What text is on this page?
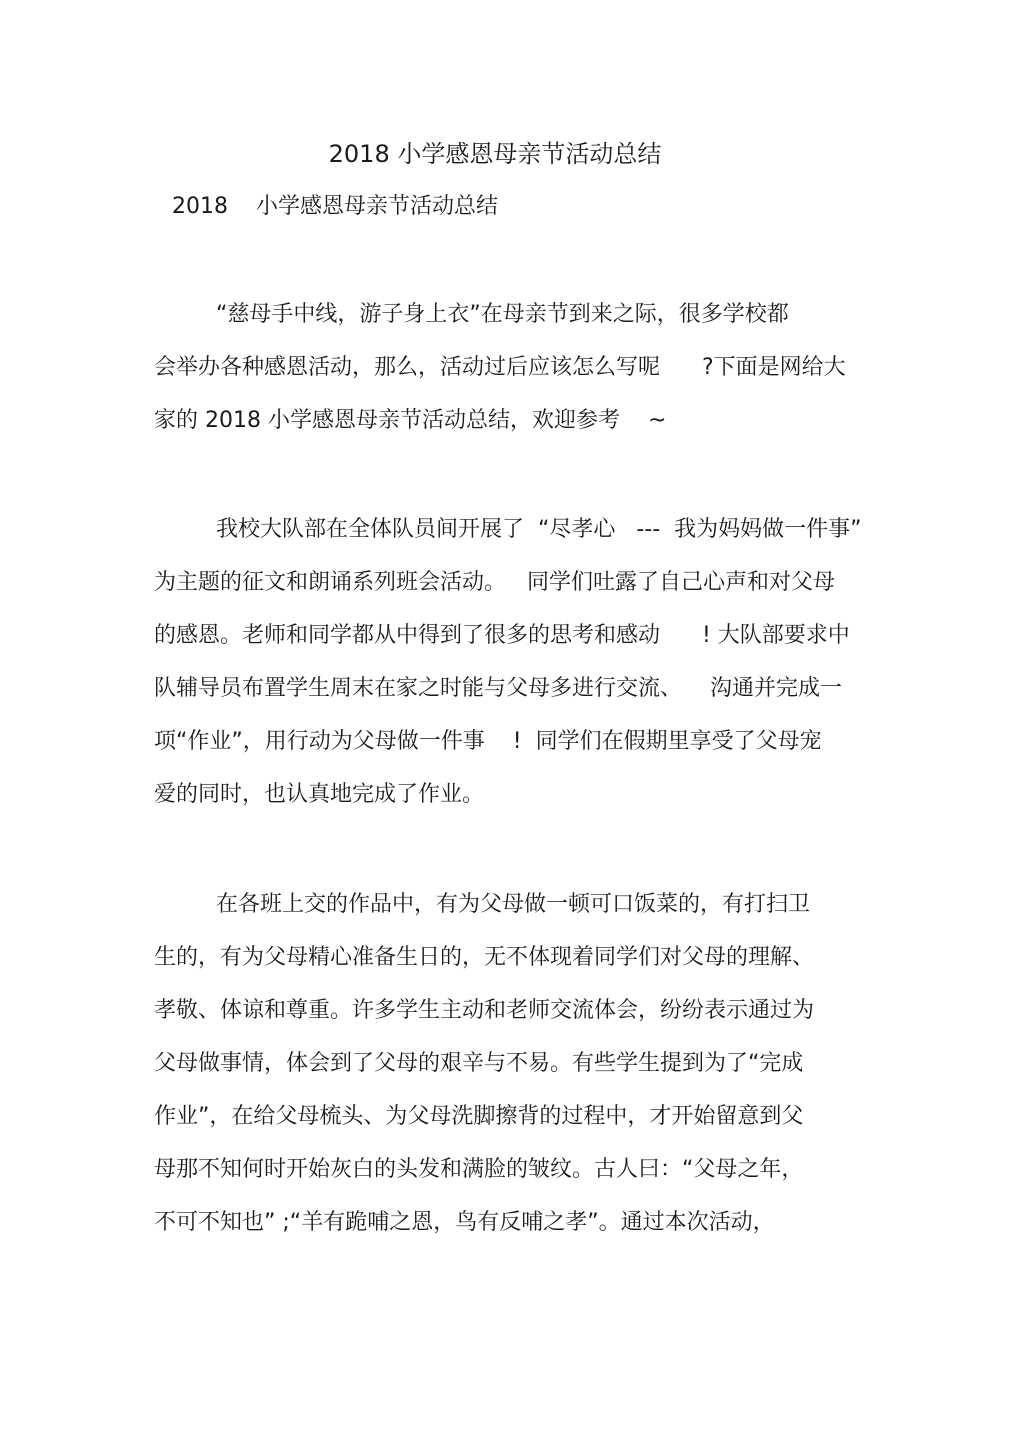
2018 小学感恩母亲节活动总结
2018    小学感恩母亲节活动总结
“慈母手中线，游子身上衣”在母亲节到来之际，很多学校都
会举办各种感恩活动，那么，活动过后应该怎么写呢      ?下面是网给大
家的 2018 小学感恩母亲节活动总结，欢迎参考    ~
我校大队部在全体队员间开展了  “尽孝心   ---  我为妈妈做一件事”
为主题的征文和朗诵系列班会活动。   同学们吐露了自己心声和对父母
的感恩。老师和同学都从中得到了很多的思考和感动      ! 大队部要求中
队辅导员布置学生周末在家之时能与父母多进行交流、    沟通并完成一
项“作业”，用行动为父母做一件事    !  同学们在假期里享受了父母宠
爱的同时，也认真地完成了作业。
在各班上交的作品中，有为父母做一顿可口饭菜的，有打扫卫
生的，有为父母精心准备生日的，无不体现着同学们对父母的理解、
孝敬、体谅和尊重。许多学生主动和老师交流体会，纷纷表示通过为
父母做事情，体会到了父母的艰辛与不易。有些学生提到为了“完成
作业”，在给父母梳头、为父母洗脚擦背的过程中，才开始留意到父
母那不知何时开始灰白的头发和满脸的皱纹。古人曰：“父母之年，
不可不知也” ;“羊有跪哺之恩，鸟有反哺之孝”。通过本次活动，
